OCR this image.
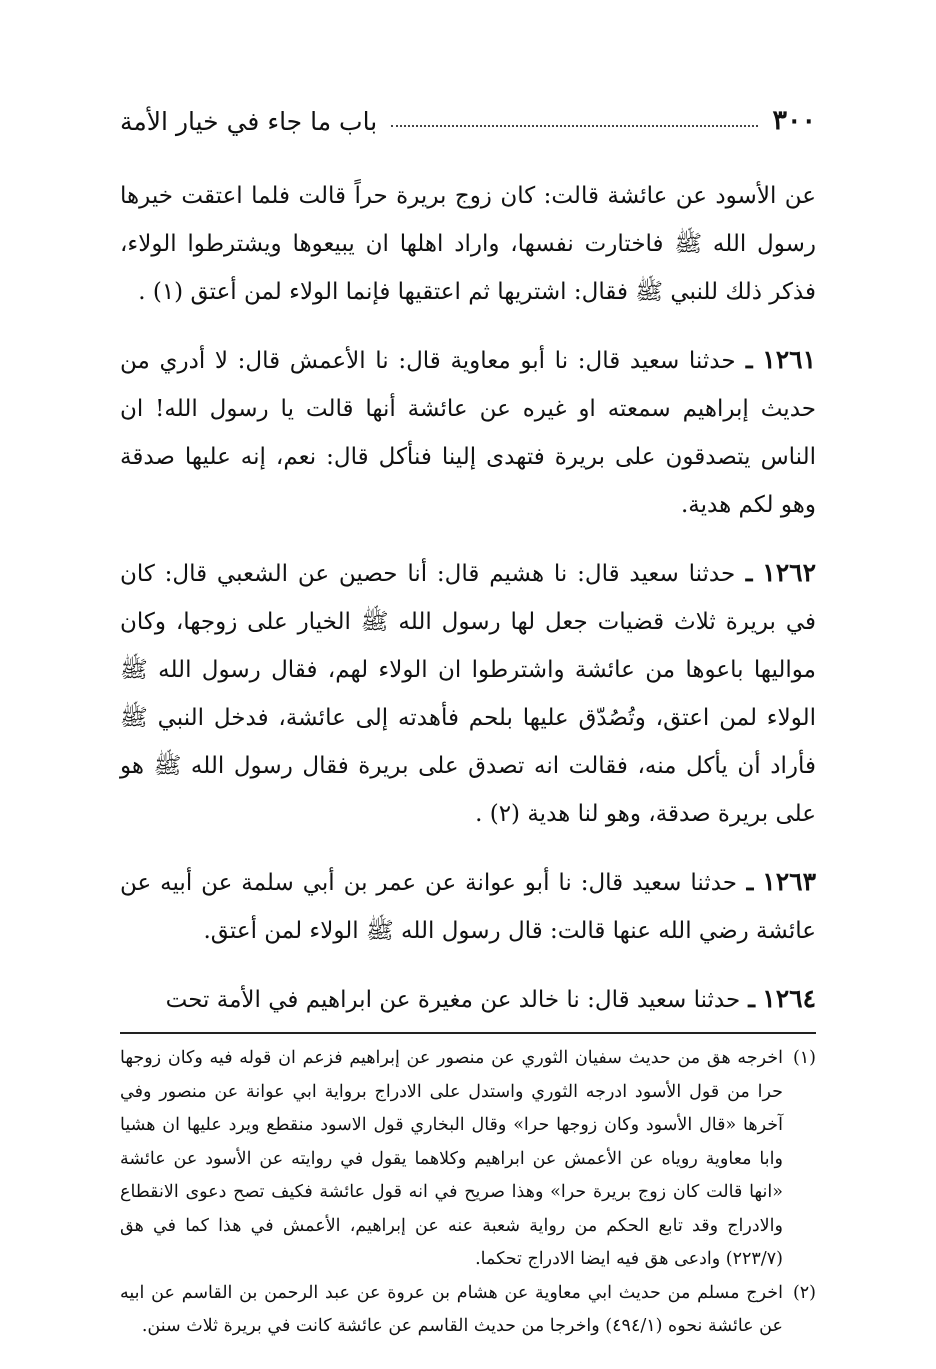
٣٠٠
باب ما جاء في خيار الأمة

عن الأسود عن عائشة قالت: كان زوج بريرة حراً قالت فلما اعتقت خيرها رسول الله ﷺ فاختارت نفسها، واراد اهلها ان يبيعوها ويشترطوا الولاء، فذكر ذلك للنبي ﷺ فقال: اشتريها ثم اعتقيها فإنما الولاء لمن أعتق (١) .

١٢٦١ ـ حدثنا سعيد قال: نا أبو معاوية قال: نا الأعمش قال: لا أدري من حديث إبراهيم سمعته او غيره عن عائشة أنها قالت يا رسول الله! ان الناس يتصدقون على بريرة فتهدى إلينا فنأكل قال: نعم، إنه عليها صدقة وهو لكم هدية.

١٢٦٢ ـ حدثنا سعيد قال: نا هشيم قال: أنا حصين عن الشعبي قال: كان في بريرة ثلاث قضيات جعل لها رسول الله ﷺ الخيار على زوجها، وكان مواليها باعوها من عائشة واشترطوا ان الولاء لهم، فقال رسول الله ﷺ الولاء لمن اعتق، وتُصُدّق عليها بلحم فأهدته إلى عائشة، فدخل النبي ﷺ فأراد أن يأكل منه، فقالت انه تصدق على بريرة فقال رسول الله ﷺ هو على بريرة صدقة، وهو لنا هدية (٢) .

١٢٦٣ ـ حدثنا سعيد قال: نا أبو عوانة عن عمر بن أبي سلمة عن أبيه عن عائشة رضي الله عنها قالت: قال رسول الله ﷺ الولاء لمن أعتق.

١٢٦٤ ـ حدثنا سعيد قال: نا خالد عن مغيرة عن ابراهيم في الأمة تحت

(١)
اخرجه هق من حديث سفيان الثوري عن منصور عن إبراهيم فزعم ان قوله فيه وكان زوجها حرا من قول الأسود ادرجه الثوري واستدل على الادراج برواية ابي عوانة عن منصور وفي آخرها «قال الأسود وكان زوجها حرا» وقال البخاري قول الاسود منقطع ويرد عليها ان هشيا وابا معاوية روياه عن الأعمش عن ابراهيم وكلاهما يقول في روايته عن الأسود عن عائشة «انها قالت كان زوج بريرة حرا» وهذا صريح في انه قول عائشة فكيف تصح دعوى الانقطاع والادراج وقد تابع الحكم من رواية شعبة عنه عن إبراهيم، الأعمش في هذا كما في هق (٢٢٣/٧) وادعى هق فيه ايضا الادراج تحكما.
(٢)
اخرج مسلم من حديث ابي معاوية عن هشام بن عروة عن عبد الرحمن بن القاسم عن ابيه عن عائشة نحوه (٤٩٤/١) واخرجا من حديث القاسم عن عائشة كانت في بريرة ثلاث سنن.
